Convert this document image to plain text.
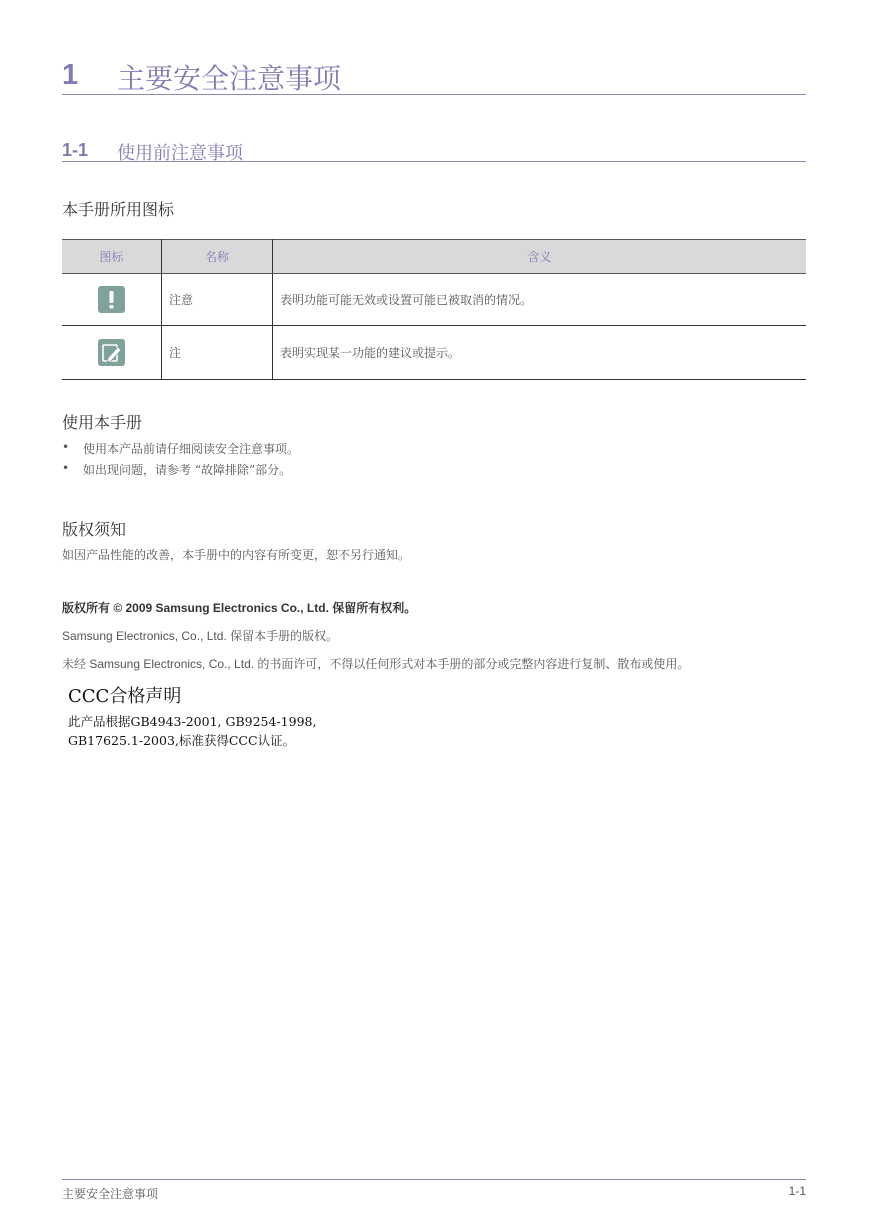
1 主要安全注意事项
1-1 使用前注意事项
本手册所用图标
图标	名称	含义
	注意	表明功能可能无效或设置可能已被取消的情况。
	注	表明实现某一功能的建议或提示。
使用本手册
• 使用本产品前请仔细阅读安全注意事项。
• 如出现问题，请参考 “故障排除”部分。
版权须知
如因产品性能的改善，本手册中的内容有所变更，恕不另行通知。
版权所有 © 2009 Samsung Electronics Co., Ltd. 保留所有权利。
Samsung Electronics, Co., Ltd. 保留本手册的版权。
未经 Samsung Electronics, Co., Ltd. 的书面许可，不得以任何形式对本手册的部分或完整内容进行复制、散布或使用。
CCC合格声明
此产品根据GB4943-2001, GB9254-1998,
GB17625.1-2003,标准获得CCC认证。
主要安全注意事项	1-1
